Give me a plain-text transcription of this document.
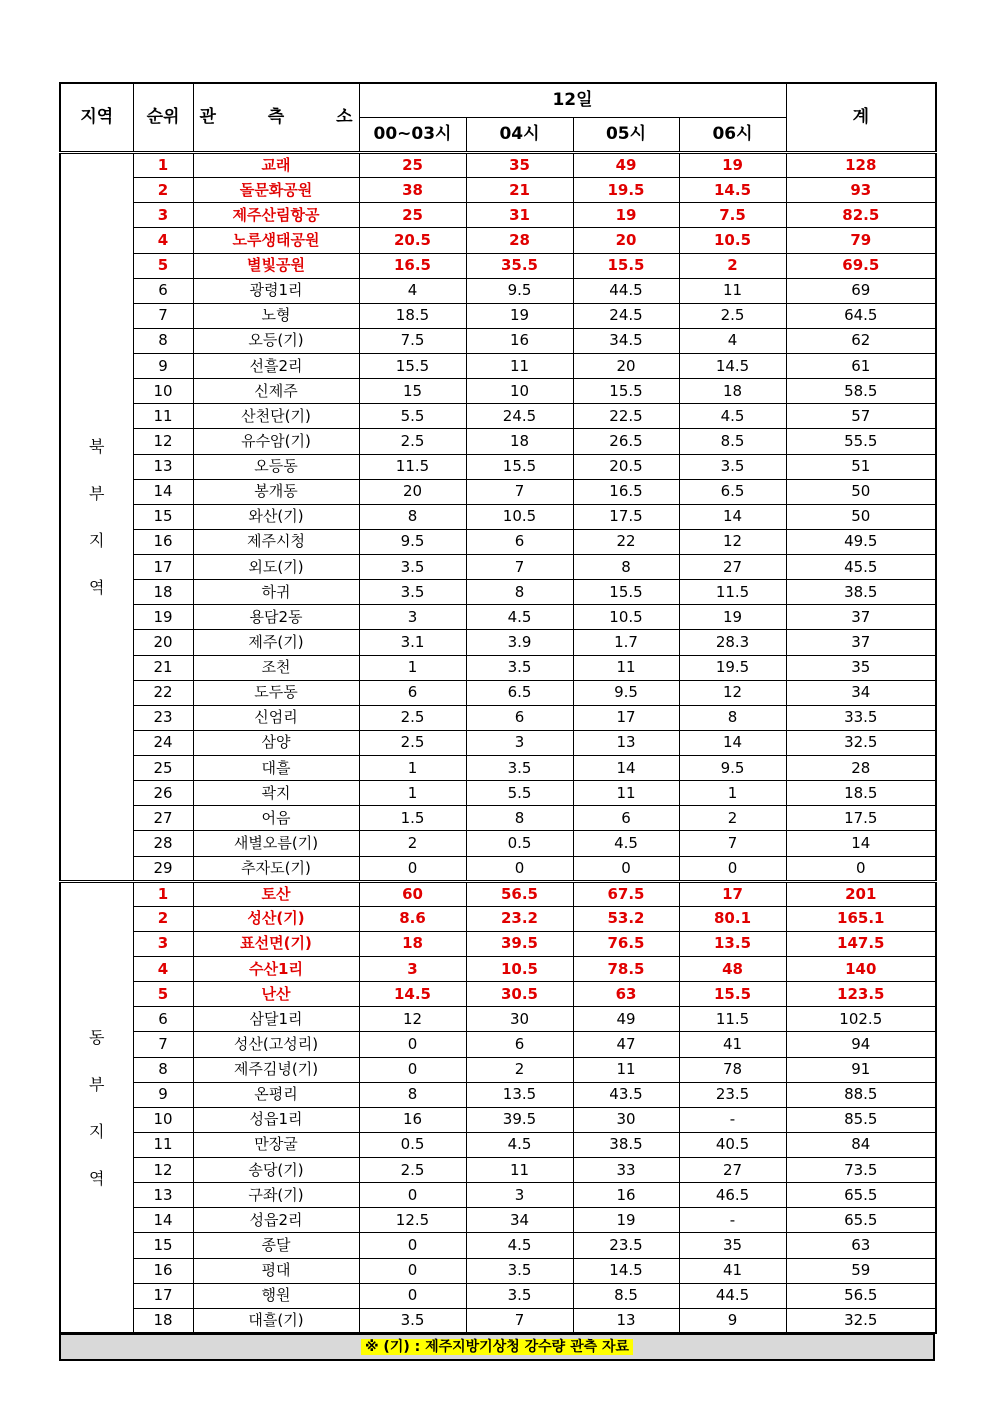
지역	순위	관 측 소	12일				계
			00~03시	04시	05시	06시	

북
부
지
역	1	교래	25	35	49	19	128
	2	돌문화공원	38	21	19.5	14.5	93
	3	제주산림항공	25	31	19	7.5	82.5
	4	노루생태공원	20.5	28	20	10.5	79
	5	별빛공원	16.5	35.5	15.5	2	69.5
	6	광령1리	4	9.5	44.5	11	69
	7	노형	18.5	19	24.5	2.5	64.5
	8	오등(기)	7.5	16	34.5	4	62
	9	선흘2리	15.5	11	20	14.5	61
	10	신제주	15	10	15.5	18	58.5
	11	산천단(기)	5.5	24.5	22.5	4.5	57
	12	유수암(기)	2.5	18	26.5	8.5	55.5
	13	오등동	11.5	15.5	20.5	3.5	51
	14	봉개동	20	7	16.5	6.5	50
	15	와산(기)	8	10.5	17.5	14	50
	16	제주시청	9.5	6	22	12	49.5
	17	외도(기)	3.5	7	8	27	45.5
	18	하귀	3.5	8	15.5	11.5	38.5
	19	용담2동	3	4.5	10.5	19	37
	20	제주(기)	3.1	3.9	1.7	28.3	37
	21	조천	1	3.5	11	19.5	35
	22	도두동	6	6.5	9.5	12	34
	23	신엄리	2.5	6	17	8	33.5
	24	삼양	2.5	3	13	14	32.5
	25	대흘	1	3.5	14	9.5	28
	26	곽지	1	5.5	11	1	18.5
	27	어음	1.5	8	6	2	17.5
	28	새별오름(기)	2	0.5	4.5	7	14
	29	추자도(기)	0	0	0	0	0

동
부
지
역	1	토산	60	56.5	67.5	17	201
	2	성산(기)	8.6	23.2	53.2	80.1	165.1
	3	표선면(기)	18	39.5	76.5	13.5	147.5
	4	수산1리	3	10.5	78.5	48	140
	5	난산	14.5	30.5	63	15.5	123.5
	6	삼달1리	12	30	49	11.5	102.5
	7	성산(고성리)	0	6	47	41	94
	8	제주김녕(기)	0	2	11	78	91
	9	온평리	8	13.5	43.5	23.5	88.5
	10	성읍1리	16	39.5	30	-	85.5
	11	만장굴	0.5	4.5	38.5	40.5	84
	12	송당(기)	2.5	11	33	27	73.5
	13	구좌(기)	0	3	16	46.5	65.5
	14	성읍2리	12.5	34	19	-	65.5
	15	종달	0	4.5	23.5	35	63
	16	평대	0	3.5	14.5	41	59
	17	행원	0	3.5	8.5	44.5	56.5
	18	대흘(기)	3.5	7	13	9	32.5
※ (기) : 제주지방기상청 강수량 관측 자료
